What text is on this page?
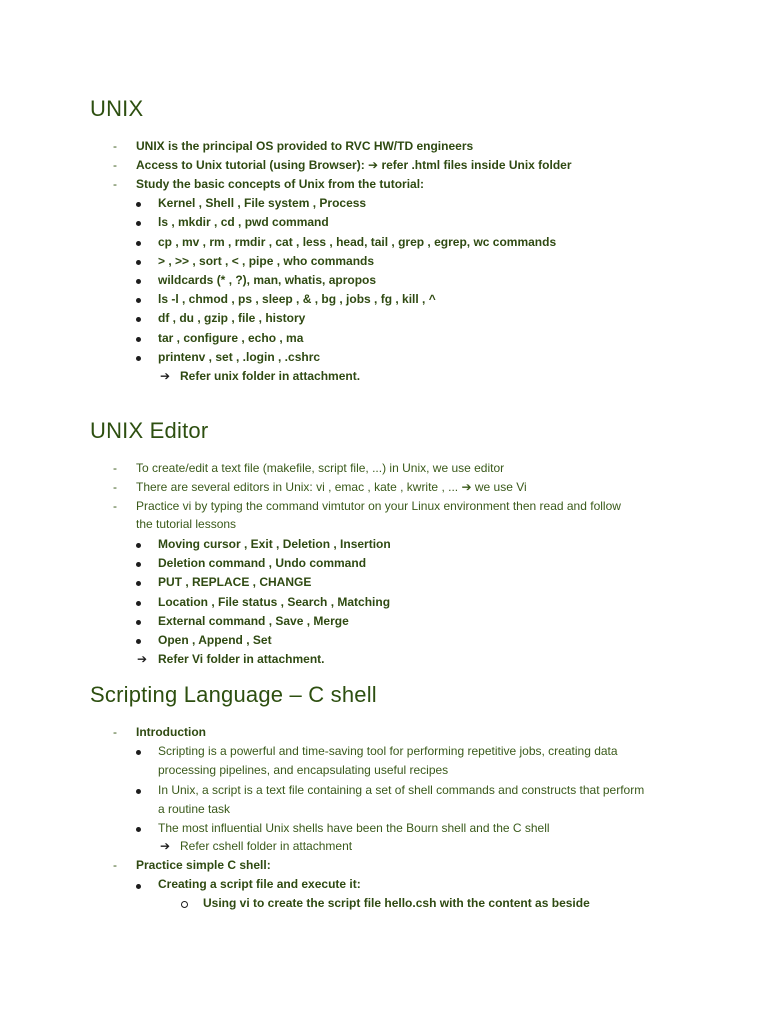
UNIX
- UNIX is the principal OS provided to RVC HW/TD engineers
- Access to Unix tutorial (using Browser): ➔ refer .html files inside Unix folder
- Study the basic concepts of Unix from the tutorial:
Kernel , Shell , File system , Process
ls , mkdir , cd , pwd command
cp , mv , rm , rmdir , cat , less , head, tail , grep , egrep, wc commands
> , >> , sort , < , pipe , who commands
wildcards (* , ?), man, whatis, apropos
ls -l , chmod , ps , sleep , & , bg , jobs , fg , kill , ^
df , du , gzip , file , history
tar , configure , echo , ma
printenv , set , .login , .cshrc
➔ Refer unix folder in attachment.
UNIX Editor
- To create/edit a text file (makefile, script file, ...) in Unix, we use editor
- There are several editors in Unix: vi , emac , kate , kwrite , ... ➔ we use Vi
- Practice vi by typing the command vimtutor on your Linux environment then read and follow
the tutorial lessons
Moving cursor , Exit , Deletion , Insertion
Deletion command , Undo command
PUT , REPLACE , CHANGE
Location , File status , Search , Matching
External command , Save , Merge
Open , Append , Set
➔ Refer Vi folder in attachment.
Scripting Language – C shell
- Introduction
Scripting is a powerful and time-saving tool for performing repetitive jobs, creating data
processing pipelines, and encapsulating useful recipes
In Unix, a script is a text file containing a set of shell commands and constructs that perform
a routine task
The most influential Unix shells have been the Bourn shell and the C shell
➔ Refer cshell folder in attachment
- Practice simple C shell:
Creating a script file and execute it:
Using vi to create the script file hello.csh with the content as beside
